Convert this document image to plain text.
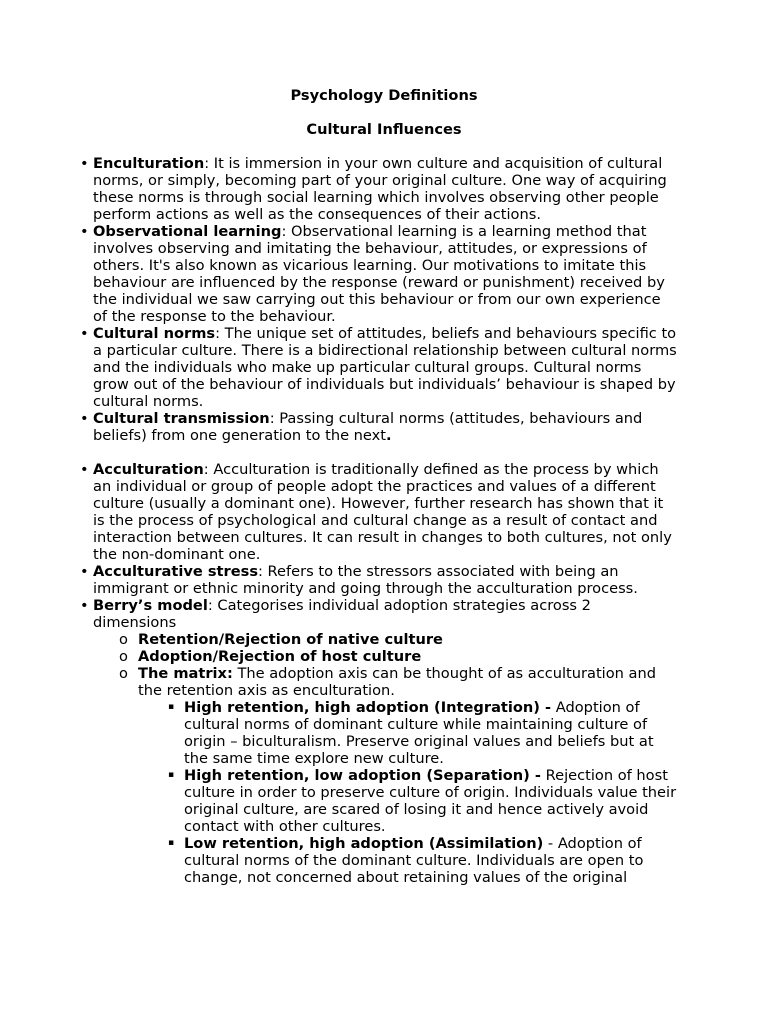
Psychology Definitions
Cultural Influences
• Enculturation: It is immersion in your own culture and acquisition of cultural norms, or simply, becoming part of your original culture. One way of acquiring these norms is through social learning which involves observing other people perform actions as well as the consequences of their actions.
• Observational learning: Observational learning is a learning method that involves observing and imitating the behaviour, attitudes, or expressions of others. It's also known as vicarious learning. Our motivations to imitate this behaviour are influenced by the response (reward or punishment) received by the individual we saw carrying out this behaviour or from our own experience of the response to the behaviour.
• Cultural norms: The unique set of attitudes, beliefs and behaviours specific to a particular culture. There is a bidirectional relationship between cultural norms and the individuals who make up particular cultural groups. Cultural norms grow out of the behaviour of individuals but individuals’ behaviour is shaped by cultural norms.
• Cultural transmission: Passing cultural norms (attitudes, behaviours and beliefs) from one generation to the next.
• Acculturation: Acculturation is traditionally defined as the process by which an individual or group of people adopt the practices and values of a different culture (usually a dominant one). However, further research has shown that it is the process of psychological and cultural change as a result of contact and interaction between cultures. It can result in changes to both cultures, not only the non-dominant one.
• Acculturative stress: Refers to the stressors associated with being an immigrant or ethnic minority and going through the acculturation process.
• Berry’s model: Categorises individual adoption strategies across 2 dimensions
o Retention/Rejection of native culture
o Adoption/Rejection of host culture
o The matrix: The adoption axis can be thought of as acculturation and the retention axis as enculturation.
▪ High retention, high adoption (Integration) - Adoption of cultural norms of dominant culture while maintaining culture of origin – biculturalism. Preserve original values and beliefs but at the same time explore new culture.
▪ High retention, low adoption (Separation) - Rejection of host culture in order to preserve culture of origin. Individuals value their original culture, are scared of losing it and hence actively avoid contact with other cultures.
▪ Low retention, high adoption (Assimilation) - Adoption of cultural norms of the dominant culture. Individuals are open to change, not concerned about retaining values of the original
